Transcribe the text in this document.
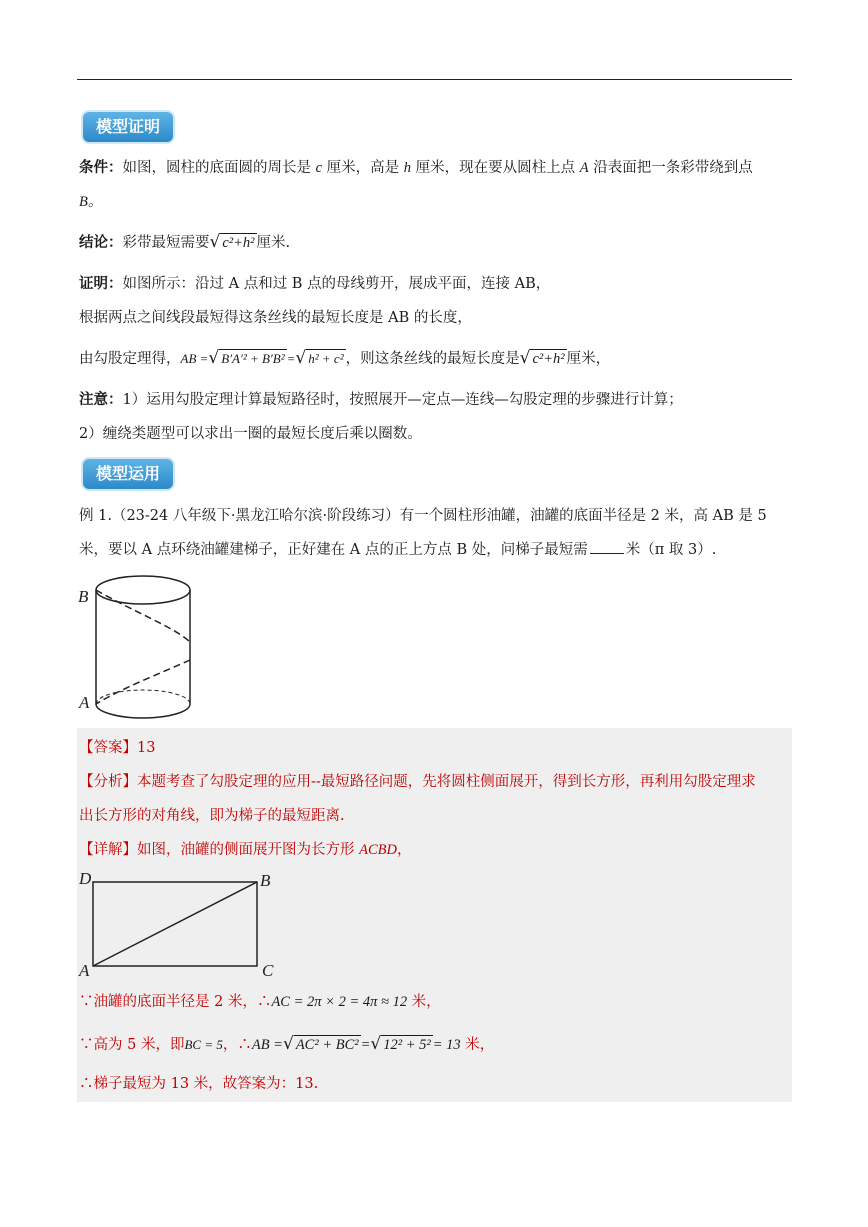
模型证明
条件：如图，圆柱的底面圆的周长是 c 厘米，高是 h 厘米，现在要从圆柱上点 A 沿表面把一条彩带绕到点
B。
结论：彩带最短需要√ c²+h² 厘米.
证明：如图所示：沿过 A 点和过 B 点的母线剪开，展成平面，连接 AB，
根据两点之间线段最短得这条丝线的最短长度是 AB 的长度，
由勾股定理得，AB =√ B′A′² + B′B² =√ h² + c² ，则这条丝线的最短长度是√ c²+h² 厘米，
注意：1）运用勾股定理计算最短路径时，按照展开—定点—连线—勾股定理的步骤进行计算；
2）缠绕类题型可以求出一圈的最短长度后乘以圈数。
模型运用
例 1.（23-24 八年级下·黑龙江哈尔滨·阶段练习）有一个圆柱形油罐，油罐的底面半径是 2 米，高 AB 是 5
米，要以 A 点环绕油罐建梯子，正好建在 A 点的正上方点 B 处，问梯子最短需	米（π 取 3）.
B
A
【答案】13
【分析】本题考查了勾股定理的应用--最短路径问题，先将圆柱侧面展开，得到长方形，再利用勾股定理求
出长方形的对角线，即为梯子的最短距离.
【详解】如图，油罐的侧面展开图为长方形 ACBD，
D	B
A	C
∵油罐的底面半径是 2 米，∴AC = 2π × 2 = 4π ≈ 12 米，
∵高为 5 米，即BC = 5，∴AB =√ AC² + BC² =√ 12² + 5² = 13 米，
∴梯子最短为 13 米，故答案为：13.
